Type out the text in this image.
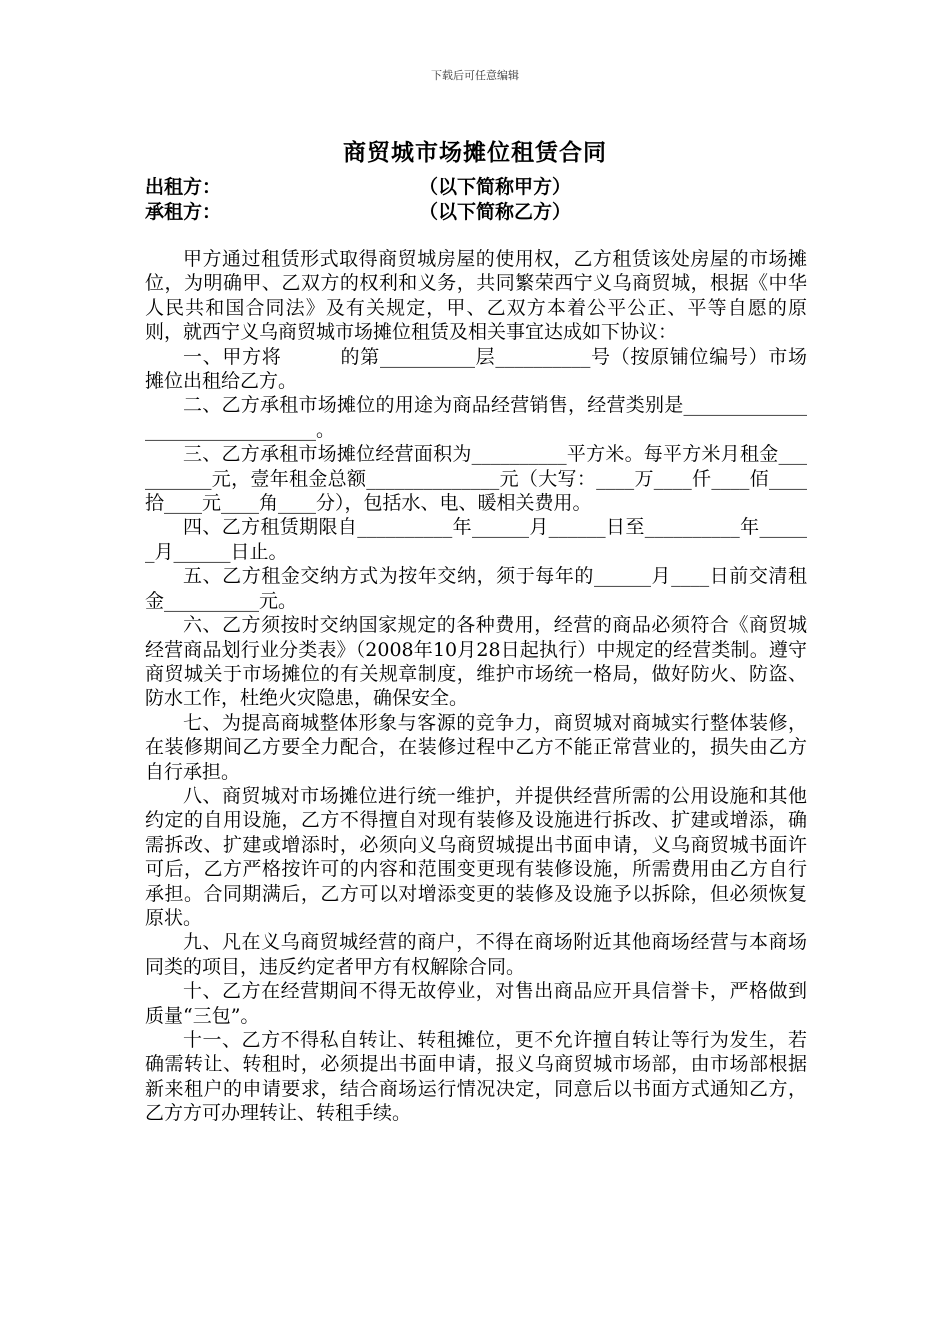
下载后可任意编辑
商贸城市场摊位租赁合同
出租方：	（以下简称甲方）
承租方：	（以下简称乙方）

甲方通过租赁形式取得商贸城房屋的使用权，乙方租赁该处房屋的市场摊位，为明确甲、乙双方的权利和义务，共同繁荣西宁义乌商贸城，根据《中华人民共和国合同法》及有关规定，甲、乙双方本着公平公正、平等自愿的原则，就西宁义乌商贸城市场摊位租赁及相关事宜达成如下协议：

一、甲方将　　　的第__________层__________号（按原铺位编号）市场摊位出租给乙方。

二、乙方承租市场摊位的用途为商品经营销售，经营类别是_______________________________。

三、乙方承租市场摊位经营面积为__________平方米。每平方米月租金__________元，壹年租金总额______________元（大写：____万____仟____佰____拾____元____角____分），包括水、电、暖相关费用。

四、乙方租赁期限自__________年______月______日至__________年______月______日止。

五、乙方租金交纳方式为按年交纳，须于每年的______月____日前交清租金__________元。

六、乙方须按时交纳国家规定的各种费用，经营的商品必须符合《商贸城经营商品划行业分类表》（2008年10月28日起执行）中规定的经营类制。遵守商贸城关于市场摊位的有关规章制度，维护市场统一格局，做好防火、防盗、防水工作，杜绝火灾隐患，确保安全。

七、为提高商城整体形象与客源的竞争力，商贸城对商城实行整体装修，在装修期间乙方要全力配合，在装修过程中乙方不能正常营业的，损失由乙方自行承担。

八、商贸城对市场摊位进行统一维护，并提供经营所需的公用设施和其他约定的自用设施，乙方不得擅自对现有装修及设施进行拆改、扩建或增添，确需拆改、扩建或增添时，必须向义乌商贸城提出书面申请，义乌商贸城书面许可后，乙方严格按许可的内容和范围变更现有装修设施，所需费用由乙方自行承担。合同期满后，乙方可以对增添变更的装修及设施予以拆除，但必须恢复原状。

九、凡在义乌商贸城经营的商户，不得在商场附近其他商场经营与本商场同类的项目，违反约定者甲方有权解除合同。

十、乙方在经营期间不得无故停业，对售出商品应开具信誉卡，严格做到质量“三包”。

十一、乙方不得私自转让、转租摊位，更不允许擅自转让等行为发生，若确需转让、转租时，必须提出书面申请，报义乌商贸城市场部，由市场部根据新来租户的申请要求，结合商场运行情况决定，同意后以书面方式通知乙方，乙方方可办理转让、转租手续。
